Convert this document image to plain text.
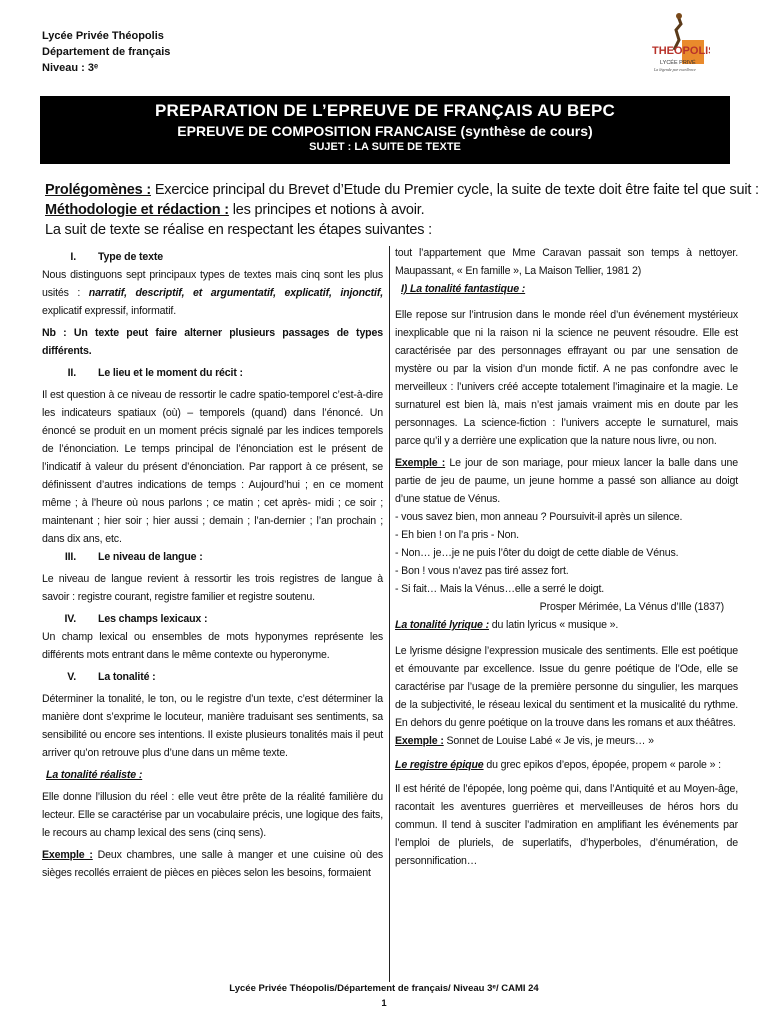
Lycée Privée Théopolis
Département de français
Niveau : 3ᵉ
THEOPOLIS
LYCÉE PRIVÉ
La légende par excellence
PREPARATION DE L’EPREUVE DE FRANÇAIS AU BEPC
EPREUVE DE COMPOSITION FRANCAISE (synthèse de cours)
SUJET : LA SUITE DE TEXTE

Prolégomènes : Exercice principal du Brevet d’Etude du Premier cycle, la suite de texte doit être faite tel que suit :

Méthodologie et rédaction : les principes et notions à avoir.

La suit de texte se réalise en respectant les étapes suivantes :

I.	Type de texte

Nous distinguons sept principaux types de textes mais cinq sont les plus usités : narratif, descriptif, et argumentatif, explicatif, injonctif, explicatif expressif, informatif.

Nb : Un texte peut faire alterner plusieurs passages de types différents.

II.	Le lieu et le moment du récit :

Il est question à ce niveau de ressortir le cadre spatio-temporel c’est-à-dire les indicateurs spatiaux (où) – temporels (quand) dans l’énoncé. Un énoncé se produit en un moment précis signalé par les indices temporels de l’énonciation. Le temps principal de l’énonciation est le présent de l’indicatif à valeur du présent d’énonciation. Par rapport à ce présent, se définissent d’autres indications de temps : Aujourd’hui ; en ce moment même ; à l’heure où nous parlons ; ce matin ; cet après- midi ; ce soir ; maintenant ; hier soir ; hier aussi ; demain ; l’an-dernier ; l’an prochain ; dans dix ans, etc.

III.	Le niveau de langue :

Le niveau de langue revient à ressortir les trois registres de langue à savoir : registre courant, registre familier et registre soutenu.

IV.	Les champs lexicaux :

Un champ lexical ou ensembles de mots hyponymes représente les différents mots entrant dans le même contexte ou hyperonyme.

V.	La tonalité :

Déterminer la tonalité, le ton, ou le registre d’un texte, c’est déterminer la manière dont s’exprime le locuteur, manière traduisant ses sentiments, sa sensibilité ou encore ses intentions. Il existe plusieurs tonalités mais il peut arriver qu’on retrouve plus d’une dans un même texte.

La tonalité réaliste :

Elle donne l’illusion du réel : elle veut être prête de la réalité familière du lecteur. Elle se caractérise par un vocabulaire précis, une logique des faits, le recours au champ lexical des sens (cinq sens).

Exemple : Deux chambres, une salle à manger et une cuisine où des sièges recollés erraient de pièces en pièces selon les besoins, formaient

tout l’appartement que Mme Caravan passait son temps à nettoyer. Maupassant, « En famille », La Maison Tellier, 1981 2)

I) La tonalité fantastique :

Elle repose sur l’intrusion dans le monde réel d’un événement mystérieux inexplicable que ni la raison ni la science ne peuvent résoudre. Elle est caractérisée par des personnages effrayant ou par une sensation de mystère ou par la vision d’un monde fictif. A ne pas confondre avec le merveilleux : l’univers créé accepte totalement l’imaginaire et la magie. Le surnaturel est bien là, mais n’est jamais vraiment mis en doute par les personnages. La science-fiction : l’univers accepte le surnaturel, mais parce qu’il y a derrière une explication que la nature nous livre, ou non.

Exemple : Le jour de son mariage, pour mieux lancer la balle dans une partie de jeu de paume, un jeune homme a passé son alliance au doigt d’une statue de Vénus.

- vous savez bien, mon anneau ? Poursuivit-il après un silence.

- Eh bien ! on l’a pris - Non.

- Non… je…je ne puis l’ôter du doigt de cette diable de Vénus.

- Bon ! vous n’avez pas tiré assez fort.

- Si fait… Mais la Vénus…elle a serré le doigt.

Prosper Mérimée, La Vénus d’Ille (1837)

La tonalité lyrique : du latin lyricus « musique ».

Le lyrisme désigne l’expression musicale des sentiments. Elle est poétique et émouvante par excellence. Issue du genre poétique de l’Ode, elle se caractérise par l’usage de la première personne du singulier, les marques de la subjectivité, le réseau lexical du sentiment et la musicalité du rythme. En dehors du genre poétique on la trouve dans les romans et aux théâtres.

Exemple : Sonnet de Louise Labé « Je vis, je meurs… »

Le registre épique du grec epikos d’epos, épopée, propem « parole » :

Il est hérité de l’épopée, long poème qui, dans l’Antiquité et au Moyen-âge, racontait les aventures guerrières et merveilleuses de héros hors du commun. Il tend à susciter l’admiration en amplifiant les événements par l’emploi de pluriels, de superlatifs, d’hyperboles, d’énumération, de personnification…

Lycée Privée Théopolis/Département de français/ Niveau 3ᵉ/ CAMI 24
1
